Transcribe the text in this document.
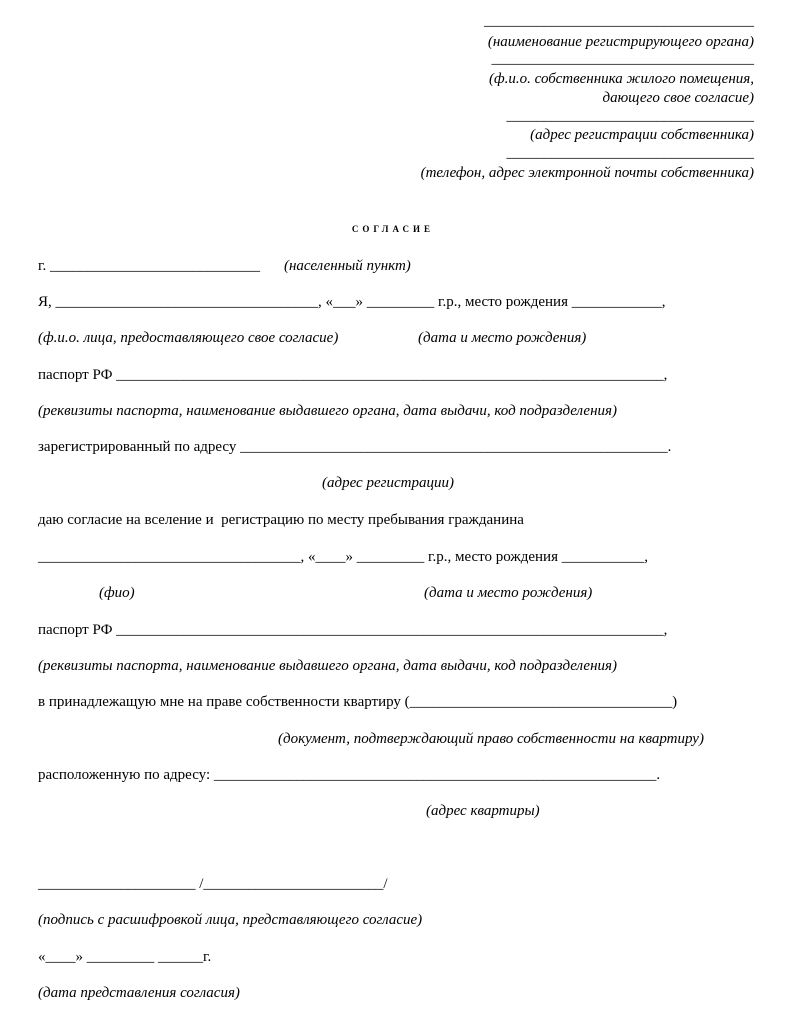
____________________________________
(наименование регистрирующего органа)
___________________________________
(ф.и.о. собственника жилого помещения,
дающего свое согласие)
_________________________________
(адрес регистрации собственника)
_________________________________
(телефон, адрес электронной почты собственника)
СОГЛАСИЕ
г. ____________________________ (населенный пункт)
Я, ___________________________________, «___» _________ г.р., место рождения ____________,
(ф.и.о. лица, предоставляющего свое согласие)	(дата и место рождения)
паспорт РФ _________________________________________________________________________,
(реквизиты паспорта, наименование выдавшего органа, дата выдачи, код подразделения)
зарегистрированный по адресу _________________________________________________________.
(адрес регистрации)
даю согласие на вселение и  регистрацию по месту пребывания гражданина
___________________________________, «____» _________ г.р., место рождения ___________,
(фио)	(дата и место рождения)
паспорт РФ _________________________________________________________________________,
(реквизиты паспорта, наименование выдавшего органа, дата выдачи, код подразделения)
в принадлежащую мне на праве собственности квартиру (___________________________________)
(документ, подтверждающий право собственности на квартиру)
расположенную по адресу: ___________________________________________________________.
(адрес квартиры)
_____________________ /________________________/
(подпись с расшифровкой лица, представляющего согласие)
«____» _________ ______г.
(дата представления согласия)
